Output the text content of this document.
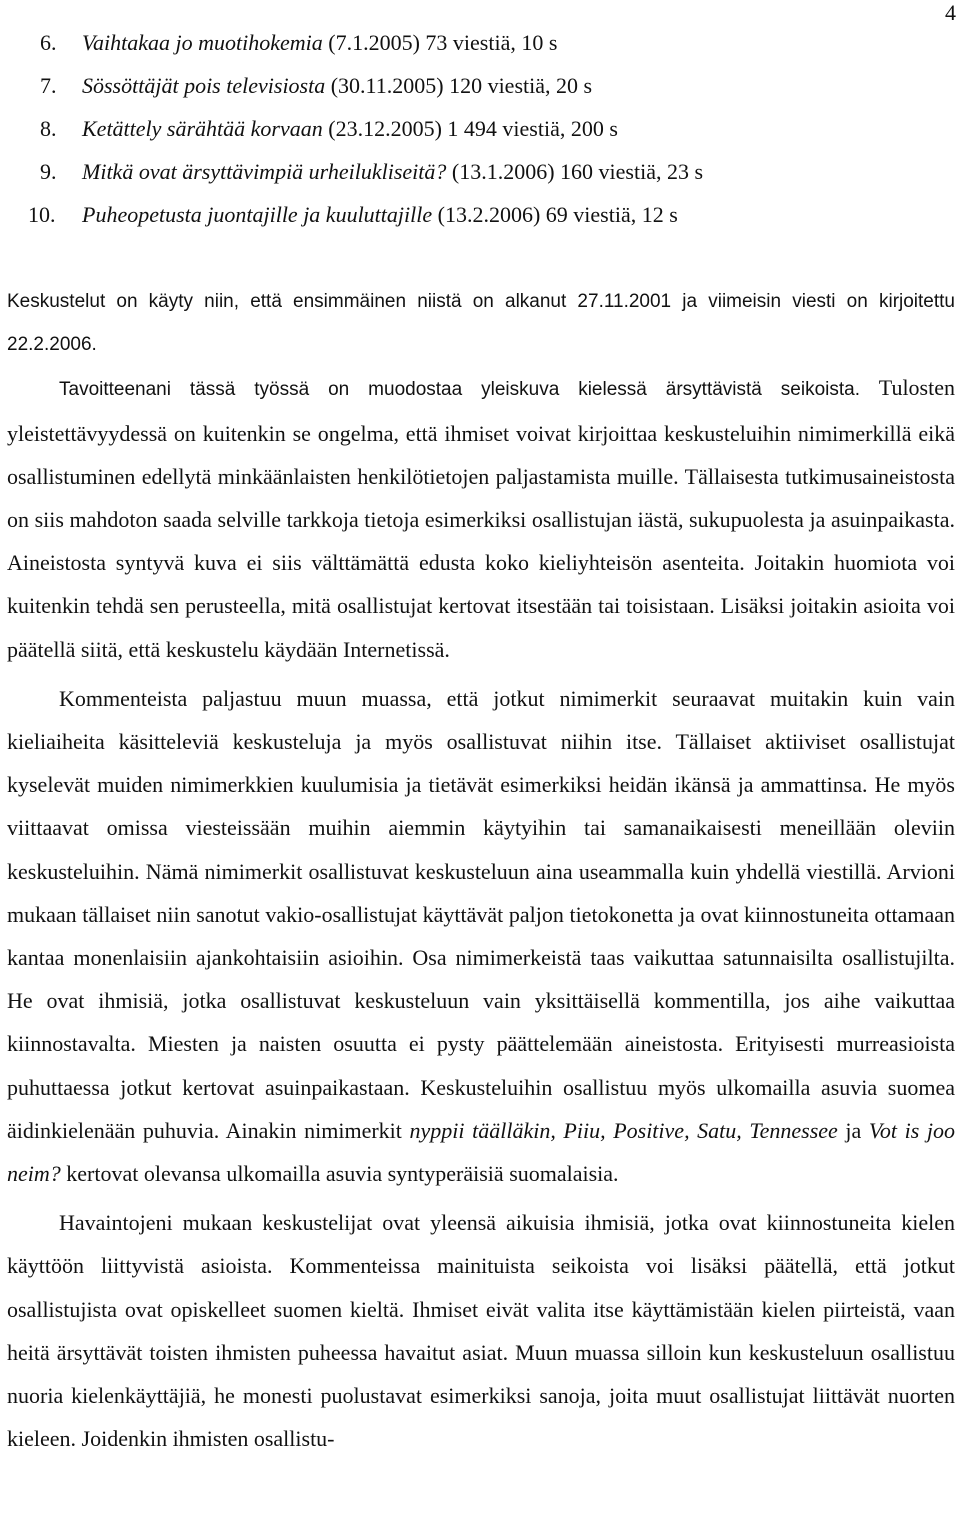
4
6. Vaihtakaa jo muotihokemia (7.1.2005) 73 viestiä, 10 s
7. Sössöttäjät pois televisiosta (30.11.2005) 120 viestiä, 20 s
8. Ketättely särähtää korvaan (23.12.2005) 1 494 viestiä, 200 s
9. Mitkä ovat ärsyttävimpiä urheilukliseitä? (13.1.2006) 160 viestiä, 23 s
10. Puheopetusta juontajille ja kuuluttajille (13.2.2006) 69 viestiä, 12 s

Keskustelut on käyty niin, että ensimmäinen niistä on alkanut 27.11.2001 ja viimeisin viesti on kirjoitettu 22.2.2006.

Tavoitteenani tässä työssä on muodostaa yleiskuva kielessä ärsyttävistä seikoista. Tulosten yleistettävyydessä on kuitenkin se ongelma, että ihmiset voivat kirjoittaa keskusteluihin nimimerkillä eikä osallistuminen edellytä minkäänlaisten henkilötietojen paljastamista muille. Tällaisesta tutkimusaineistosta on siis mahdoton saada selville tarkkoja tietoja esimerkiksi osallistujan iästä, sukupuolesta ja asuinpaikasta. Aineistosta syntyvä kuva ei siis välttämättä edusta koko kieliyhteisön asenteita. Joitakin huomiota voi kuitenkin tehdä sen perusteella, mitä osallistujat kertovat itsestään tai toisistaan. Lisäksi joitakin asioita voi päätellä siitä, että keskustelu käydään Internetissä.

Kommenteista paljastuu muun muassa, että jotkut nimimerkit seuraavat muitakin kuin vain kieliaiheita käsitteleviä keskusteluja ja myös osallistuvat niihin itse. Tällaiset aktiiviset osallistujat kyselevät muiden nimimerkkien kuulumisia ja tietävät esimerkiksi heidän ikänsä ja ammattinsa. He myös viittaavat omissa viesteissään muihin aiemmin käytyihin tai samanaikaisesti meneillään oleviin keskusteluihin. Nämä nimimerkit osallistuvat keskusteluun aina useammalla kuin yhdellä viestillä. Arvioni mukaan tällaiset niin sanotut vakio-osallistujat käyttävät paljon tietokonetta ja ovat kiinnostuneita ottamaan kantaa monenlaisiin ajankohtaisiin asioihin. Osa nimimerkeistä taas vaikuttaa satunnaisilta osallistujilta. He ovat ihmisiä, jotka osallistuvat keskusteluun vain yksittäisellä kommentilla, jos aihe vaikuttaa kiinnostavalta. Miesten ja naisten osuutta ei pysty päättelemään aineistosta. Erityisesti murreasioista puhuttaessa jotkut kertovat asuinpaikastaan. Keskusteluihin osallistuu myös ulkomailla asuvia suomea äidinkielenään puhuvia. Ainakin nimimerkit nyppii täälläkin, Piiu, Positive, Satu, Tennessee ja Vot is joo neim? kertovat olevansa ulkomailla asuvia syntyperäisiä suomalaisia.

Havaintojeni mukaan keskustelijat ovat yleensä aikuisia ihmisiä, jotka ovat kiinnostuneita kielen käyttöön liittyvistä asioista. Kommenteissa mainituista seikoista voi lisäksi päätellä, että jotkut osallistujista ovat opiskelleet suomen kieltä. Ihmiset eivät valita itse käyttämistään kielen piirteistä, vaan heitä ärsyttävät toisten ihmisten puheessa havaitut asiat. Muun muassa silloin kun keskusteluun osallistuu nuoria kielenkäyttäjiä, he monesti puolustavat esimerkiksi sanoja, joita muut osallistujat liittävät nuorten kieleen. Joidenkin ihmisten osallistu-
